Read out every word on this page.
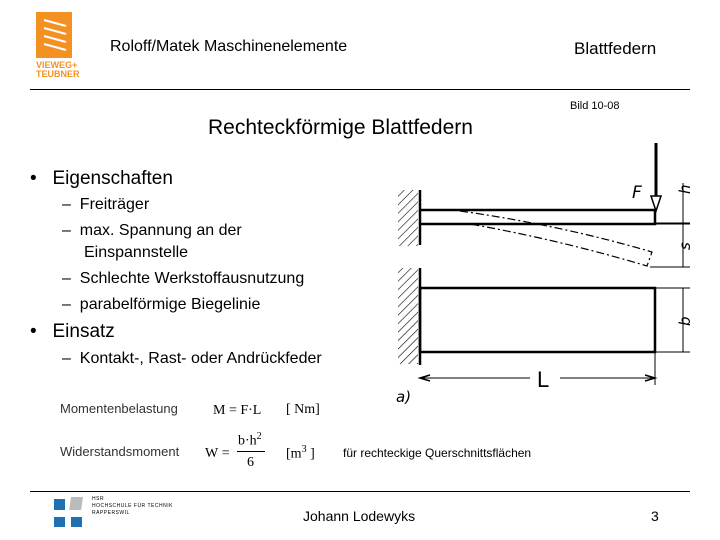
VIEWEG+
TEUBNER
Roloff/Matek Maschinenelemente	Blattfedern
Bild 10-08
Rechteckförmige Blattfedern
•   Eigenschaften
–  Freiträger
–  max. Spannung an der
Einspannstelle
–  Schlechte Werkstoffausnutzung
–  parabelförmige Biegelinie
•   Einsatz
–  Kontakt-, Rast- oder Andrückfeder
Momentenbelastung	M = F·L [ Nm]
Widerstandsmoment W =
$b\cdot h^2$
6
[$m^3$ ] für rechteckige Querschnittsflächen
F h
s
b
L
a)
HSR
HOCHSCHULE FÜR TECHNIK
RAPPERSWIL	Johann Lodewyks	3
